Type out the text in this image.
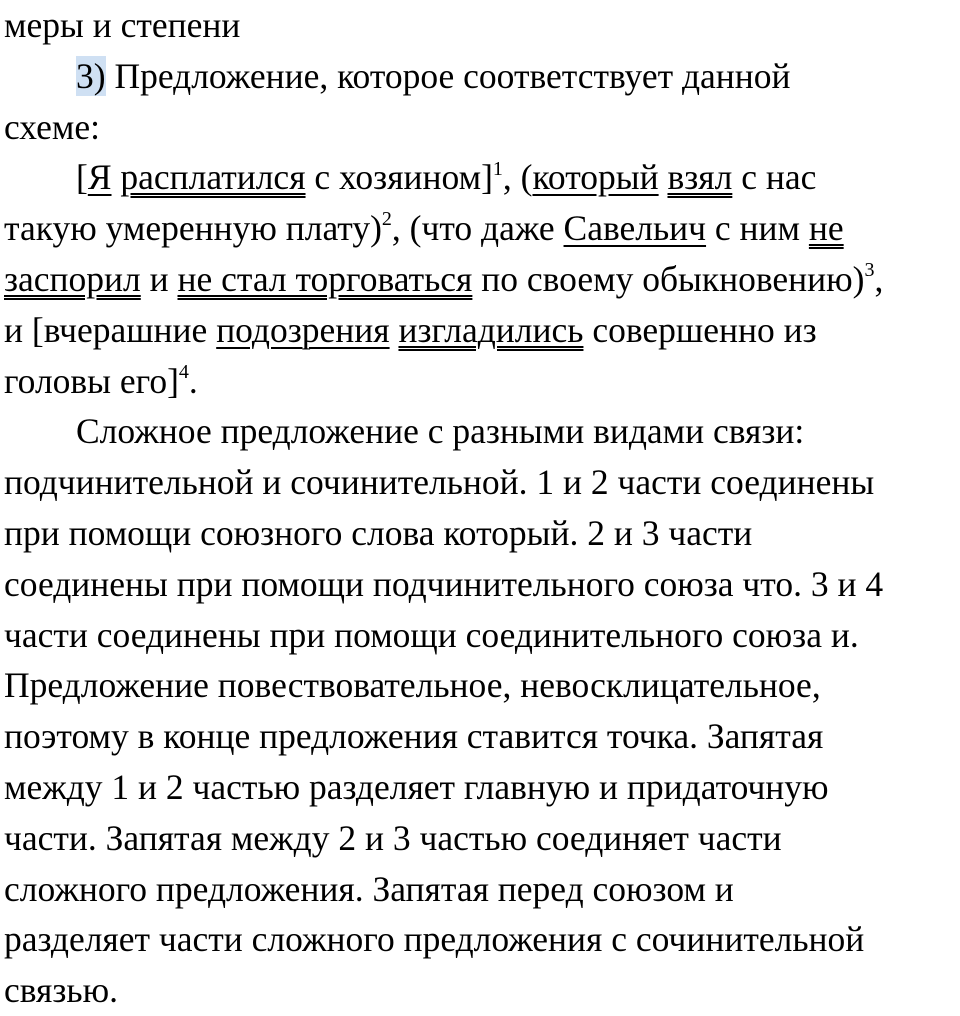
меры и степени
3) Предложение, которое соответствует данной
схеме:
[Я расплатился с хозяином]$^1$, (который взял с нас
такую умеренную плату)$^2$, (что даже Савельич с ним не
заспорил и не стал торговаться по своему обыкновению)$^3$,
и [вчерашние подозрения изгладились совершенно из
головы его]$^4$.
Сложное предложение с разными видами связи:
подчинительной и сочинительной. 1 и 2 части соединены
при помощи союзного слова который. 2 и 3 части
соединены при помощи подчинительного союза что. 3 и 4
части соединены при помощи соединительного союза и.
Предложение повествовательное, невосклицательное,
поэтому в конце предложения ставится точка. Запятая
между 1 и 2 частью разделяет главную и придаточную
части. Запятая между 2 и 3 частью соединяет части
сложного предложения. Запятая перед союзом и
разделяет части сложного предложения с сочинительной
связью.
